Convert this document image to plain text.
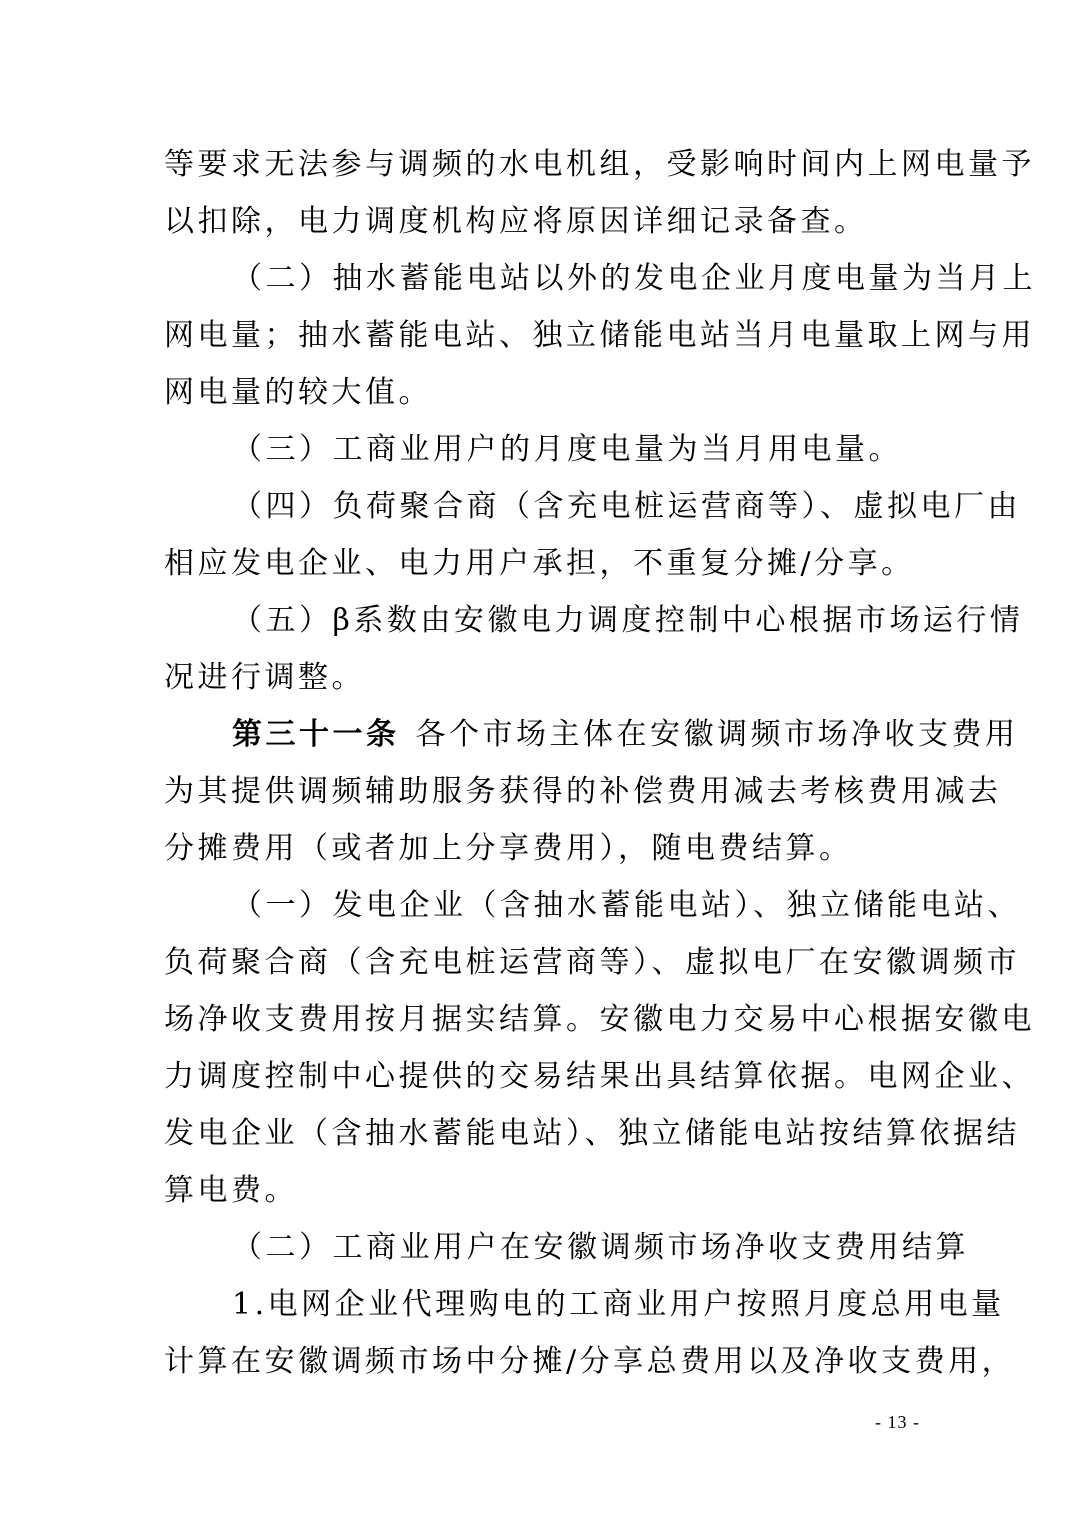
等要求无法参与调频的水电机组，受影响时间内上网电量予
以扣除，电力调度机构应将原因详细记录备查。
（二）抽水蓄能电站以外的发电企业月度电量为当月上
网电量；抽水蓄能电站、独立储能电站当月电量取上网与用
网电量的较大值。
（三）工商业用户的月度电量为当月用电量。
（四）负荷聚合商（含充电桩运营商等）、虚拟电厂由
相应发电企业、电力用户承担，不重复分摊/分享。
（五）β系数由安徽电力调度控制中心根据市场运行情
况进行调整。
第三十一条 各个市场主体在安徽调频市场净收支费用
为其提供调频辅助服务获得的补偿费用减去考核费用减去
分摊费用（或者加上分享费用），随电费结算。
（一）发电企业（含抽水蓄能电站）、独立储能电站、
负荷聚合商（含充电桩运营商等）、虚拟电厂在安徽调频市
场净收支费用按月据实结算。安徽电力交易中心根据安徽电
力调度控制中心提供的交易结果出具结算依据。电网企业、
发电企业（含抽水蓄能电站）、独立储能电站按结算依据结
算电费。
（二）工商业用户在安徽调频市场净收支费用结算
1.电网企业代理购电的工商业用户按照月度总用电量
计算在安徽调频市场中分摊/分享总费用以及净收支费用，
- 13 -
